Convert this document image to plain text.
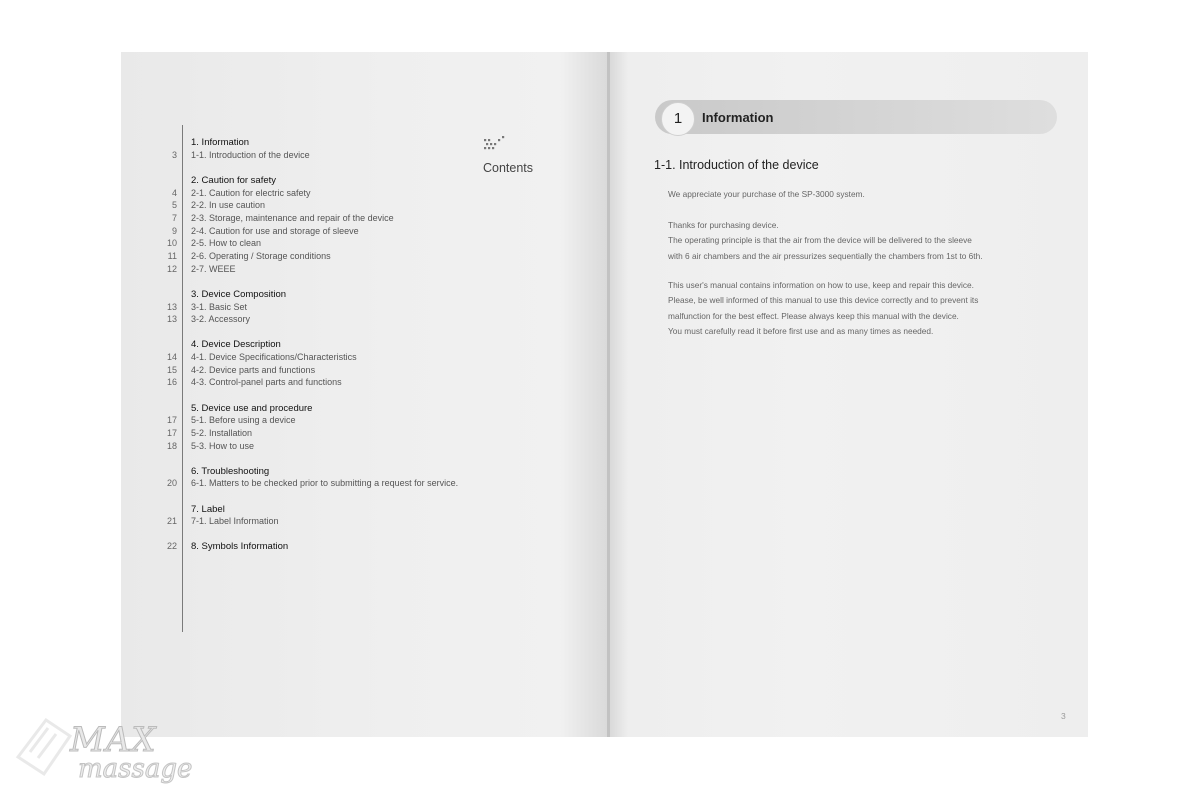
1. Information
3 1-1. Introduction of the device
2. Caution for safety
4 2-1. Caution for electric safety
5 2-2. In use caution
7 2-3. Storage, maintenance and repair of the device
9 2-4. Caution for use and storage of sleeve
10 2-5. How to clean
11 2-6. Operating / Storage conditions
12 2-7. WEEE
3. Device Composition
13 3-1. Basic Set
13 3-2. Accessory
4. Device Description
14 4-1. Device Specifications/Characteristics
15 4-2. Device parts and functions
16 4-3. Control-panel parts and functions
5. Device use and procedure
17 5-1. Before using a device
17 5-2. Installation
18 5-3. How to use
6. Troubleshooting
20 6-1. Matters to be checked prior to submitting a request for service.
7. Label
21 7-1. Label Information
22 8. Symbols Information
Contents
1	Information
1-1. Introduction of the device
We appreciate your purchase of the SP-3000 system.
Thanks for purchasing device.
The operating principle is that the air from the device will be delivered to the sleeve
with 6 air chambers and the air pressurizes sequentially the chambers from 1st to 6th.
This user's manual contains information on how to use, keep and repair this device.
Please, be well informed of this manual to use this device correctly and to prevent its
malfunction for the best effect. Please always keep this manual with the device.
You must carefully read it before first use and as many times as needed.
3
MAX
massage
